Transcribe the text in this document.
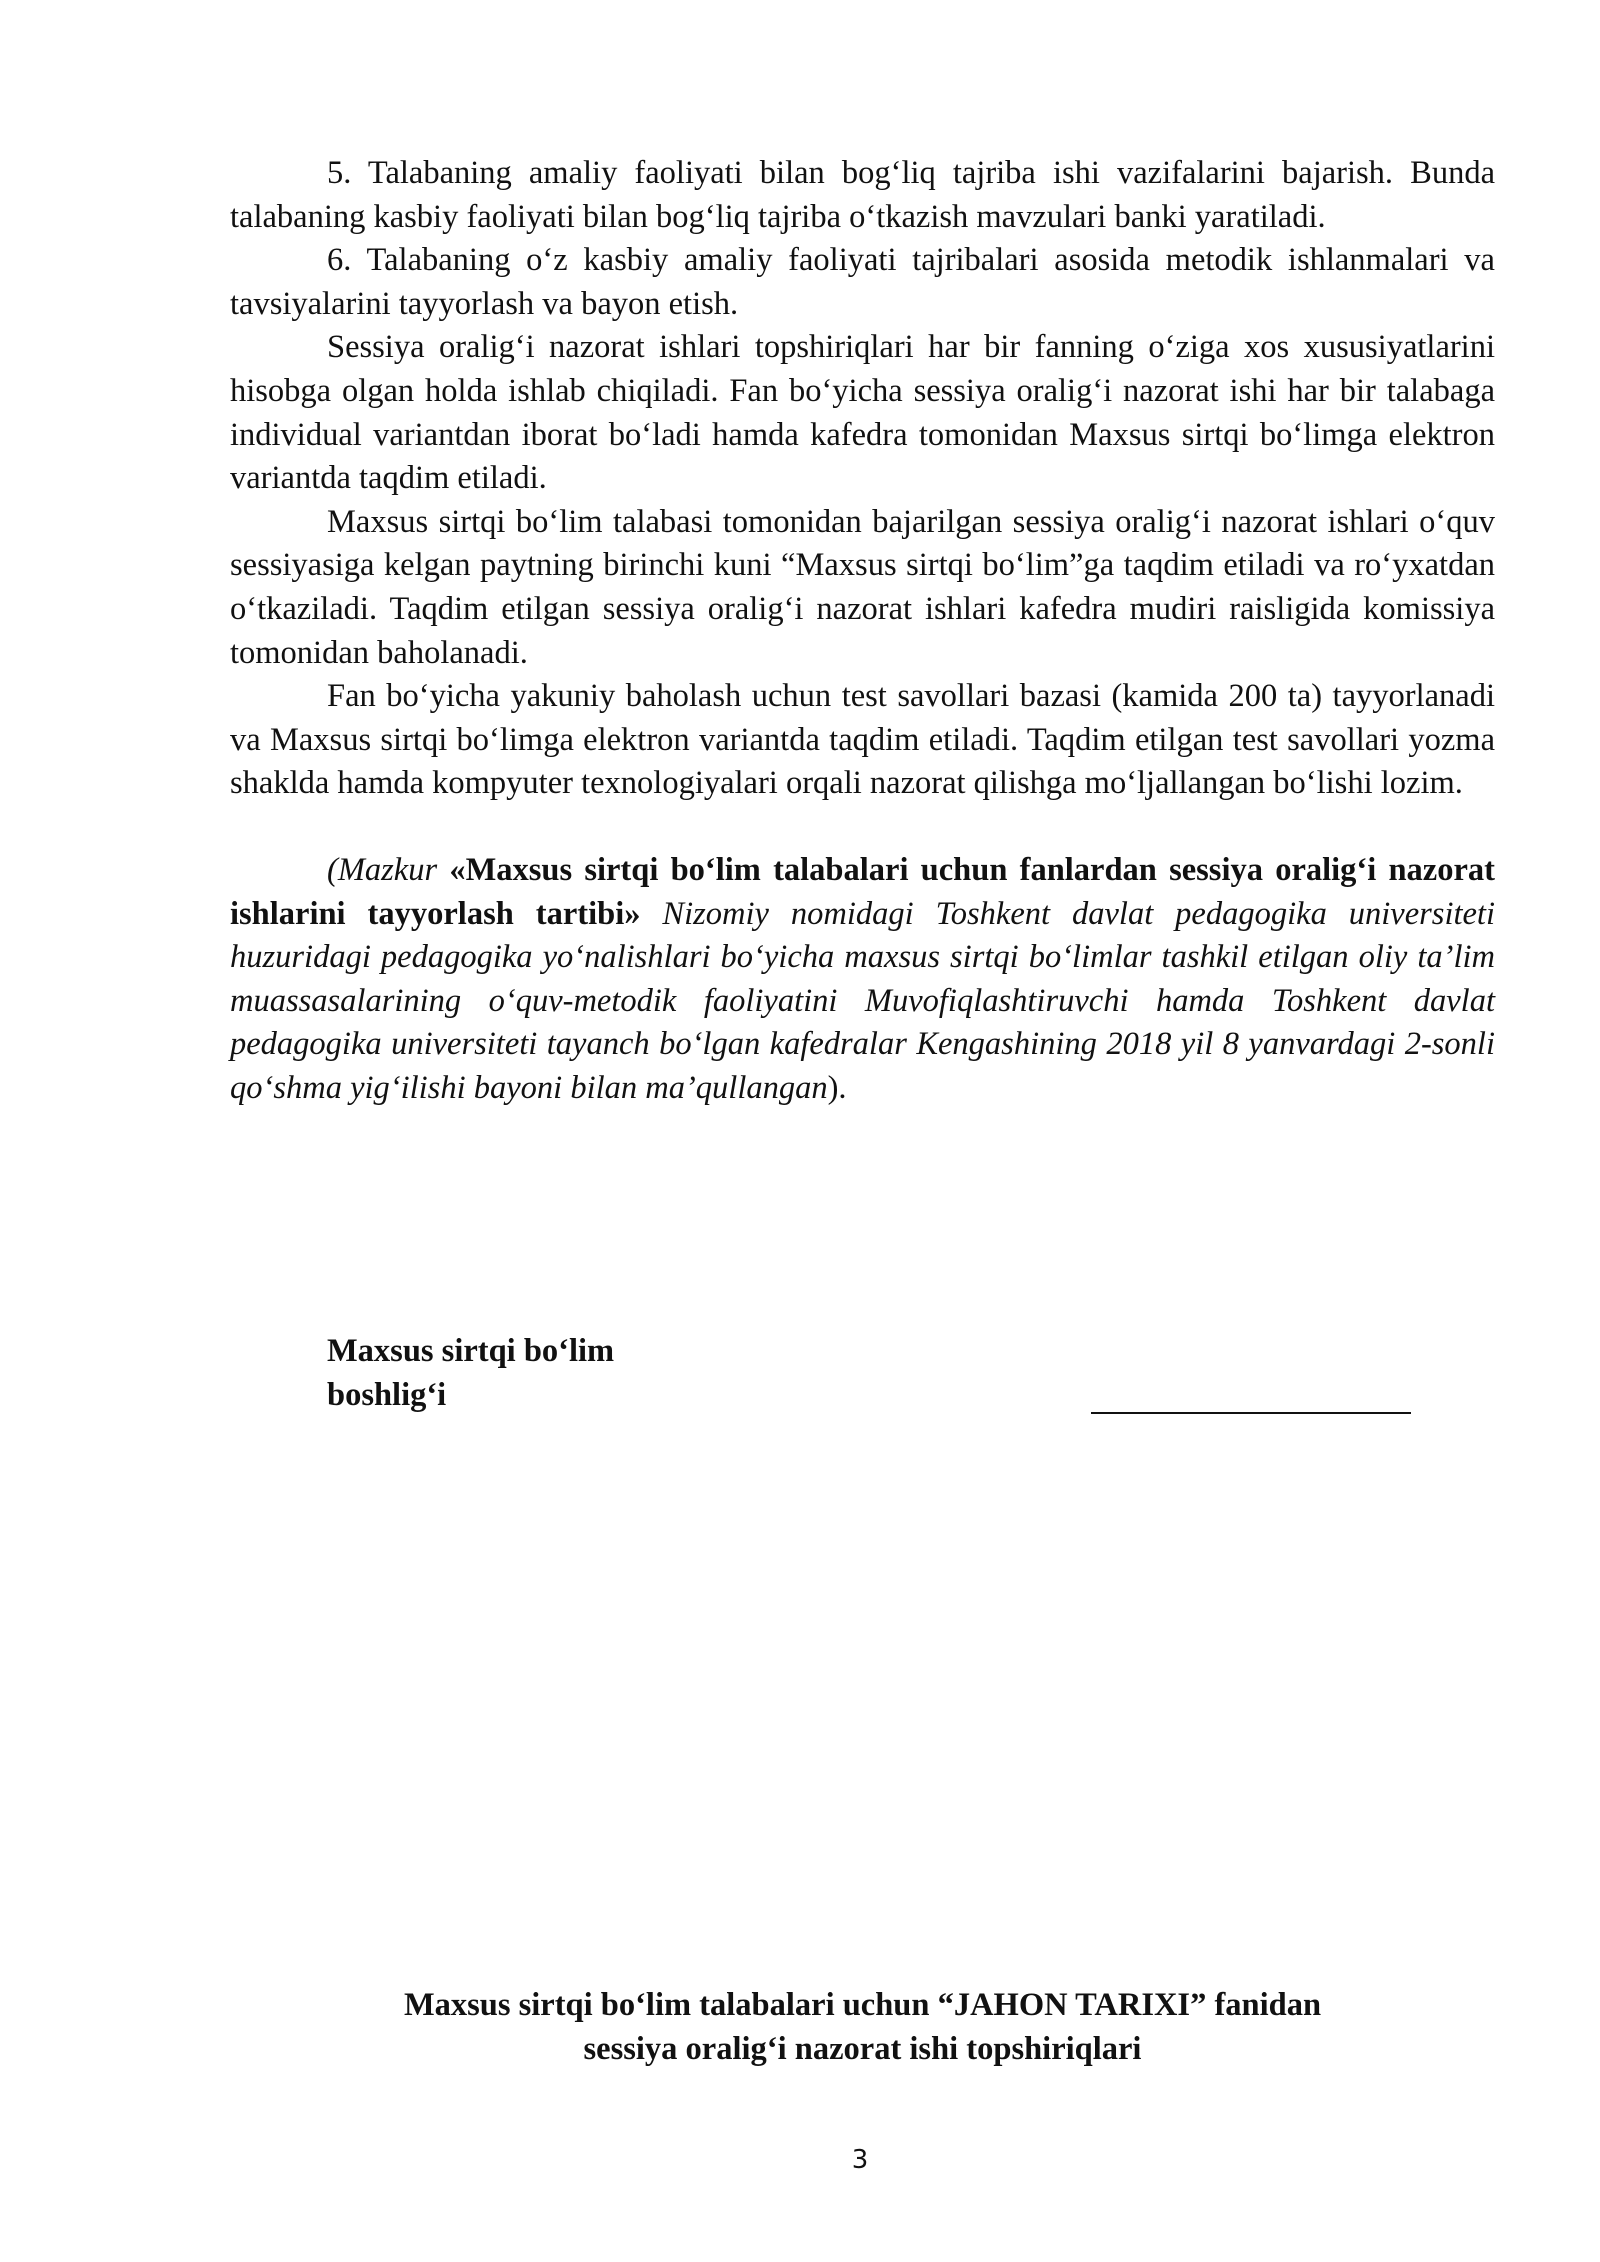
5. Talabaning amaliy faoliyati bilan bog‘liq tajriba ishi vazifalarini bajarish. Bunda talabaning kasbiy faoliyati bilan bog‘liq tajriba o‘tkazish mavzulari banki yaratiladi.

6. Talabaning o‘z kasbiy amaliy faoliyati tajribalari asosida metodik ishlanmalari va tavsiyalarini tayyorlash va bayon etish.

Sessiya oralig‘i nazorat ishlari topshiriqlari har bir fanning o‘ziga xos xususiyatlarini hisobga olgan holda ishlab chiqiladi. Fan bo‘yicha sessiya oralig‘i nazorat ishi har bir talabaga individual variantdan iborat bo‘ladi hamda kafedra tomonidan Maxsus sirtqi bo‘limga elektron variantda taqdim etiladi.

Maxsus sirtqi bo‘lim talabasi tomonidan bajarilgan sessiya oralig‘i nazorat ishlari o‘quv sessiyasiga kelgan paytning birinchi kuni “Maxsus sirtqi bo‘lim”ga taqdim etiladi va ro‘yxatdan o‘tkaziladi. Taqdim etilgan sessiya oralig‘i nazorat ishlari kafedra mudiri raisligida komissiya tomonidan baholanadi.

Fan bo‘yicha yakuniy baholash uchun test savollari bazasi (kamida 200 ta) tayyorlanadi va Maxsus sirtqi bo‘limga elektron variantda taqdim etiladi. Taqdim etilgan test savollari yozma shaklda hamda kompyuter texnologiyalari orqali nazorat qilishga mo‘ljallangan bo‘lishi lozim.

(Mazkur «Maxsus sirtqi bo‘lim talabalari uchun fanlardan sessiya oralig‘i nazorat ishlarini tayyorlash tartibi» Nizomiy nomidagi Toshkent davlat pedagogika universiteti huzuridagi pedagogika yo‘nalishlari bo‘yicha maxsus sirtqi bo‘limlar tashkil etilgan oliy ta’lim muassasalarining o‘quv-metodik faoliyatini Muvofiqlashtiruvchi hamda Toshkent davlat pedagogika universiteti tayanch bo‘lgan kafedralar Kengashining 2018 yil 8 yanvardagi 2-sonli qo‘shma yig‘ilishi bayoni bilan ma’qullangan).

Maxsus sirtqi bo‘lim
boshlig‘i
Maxsus sirtqi bo‘lim talabalari uchun “JAHON TARIXI” fanidan
sessiya oralig‘i nazorat ishi topshiriqlari
3
